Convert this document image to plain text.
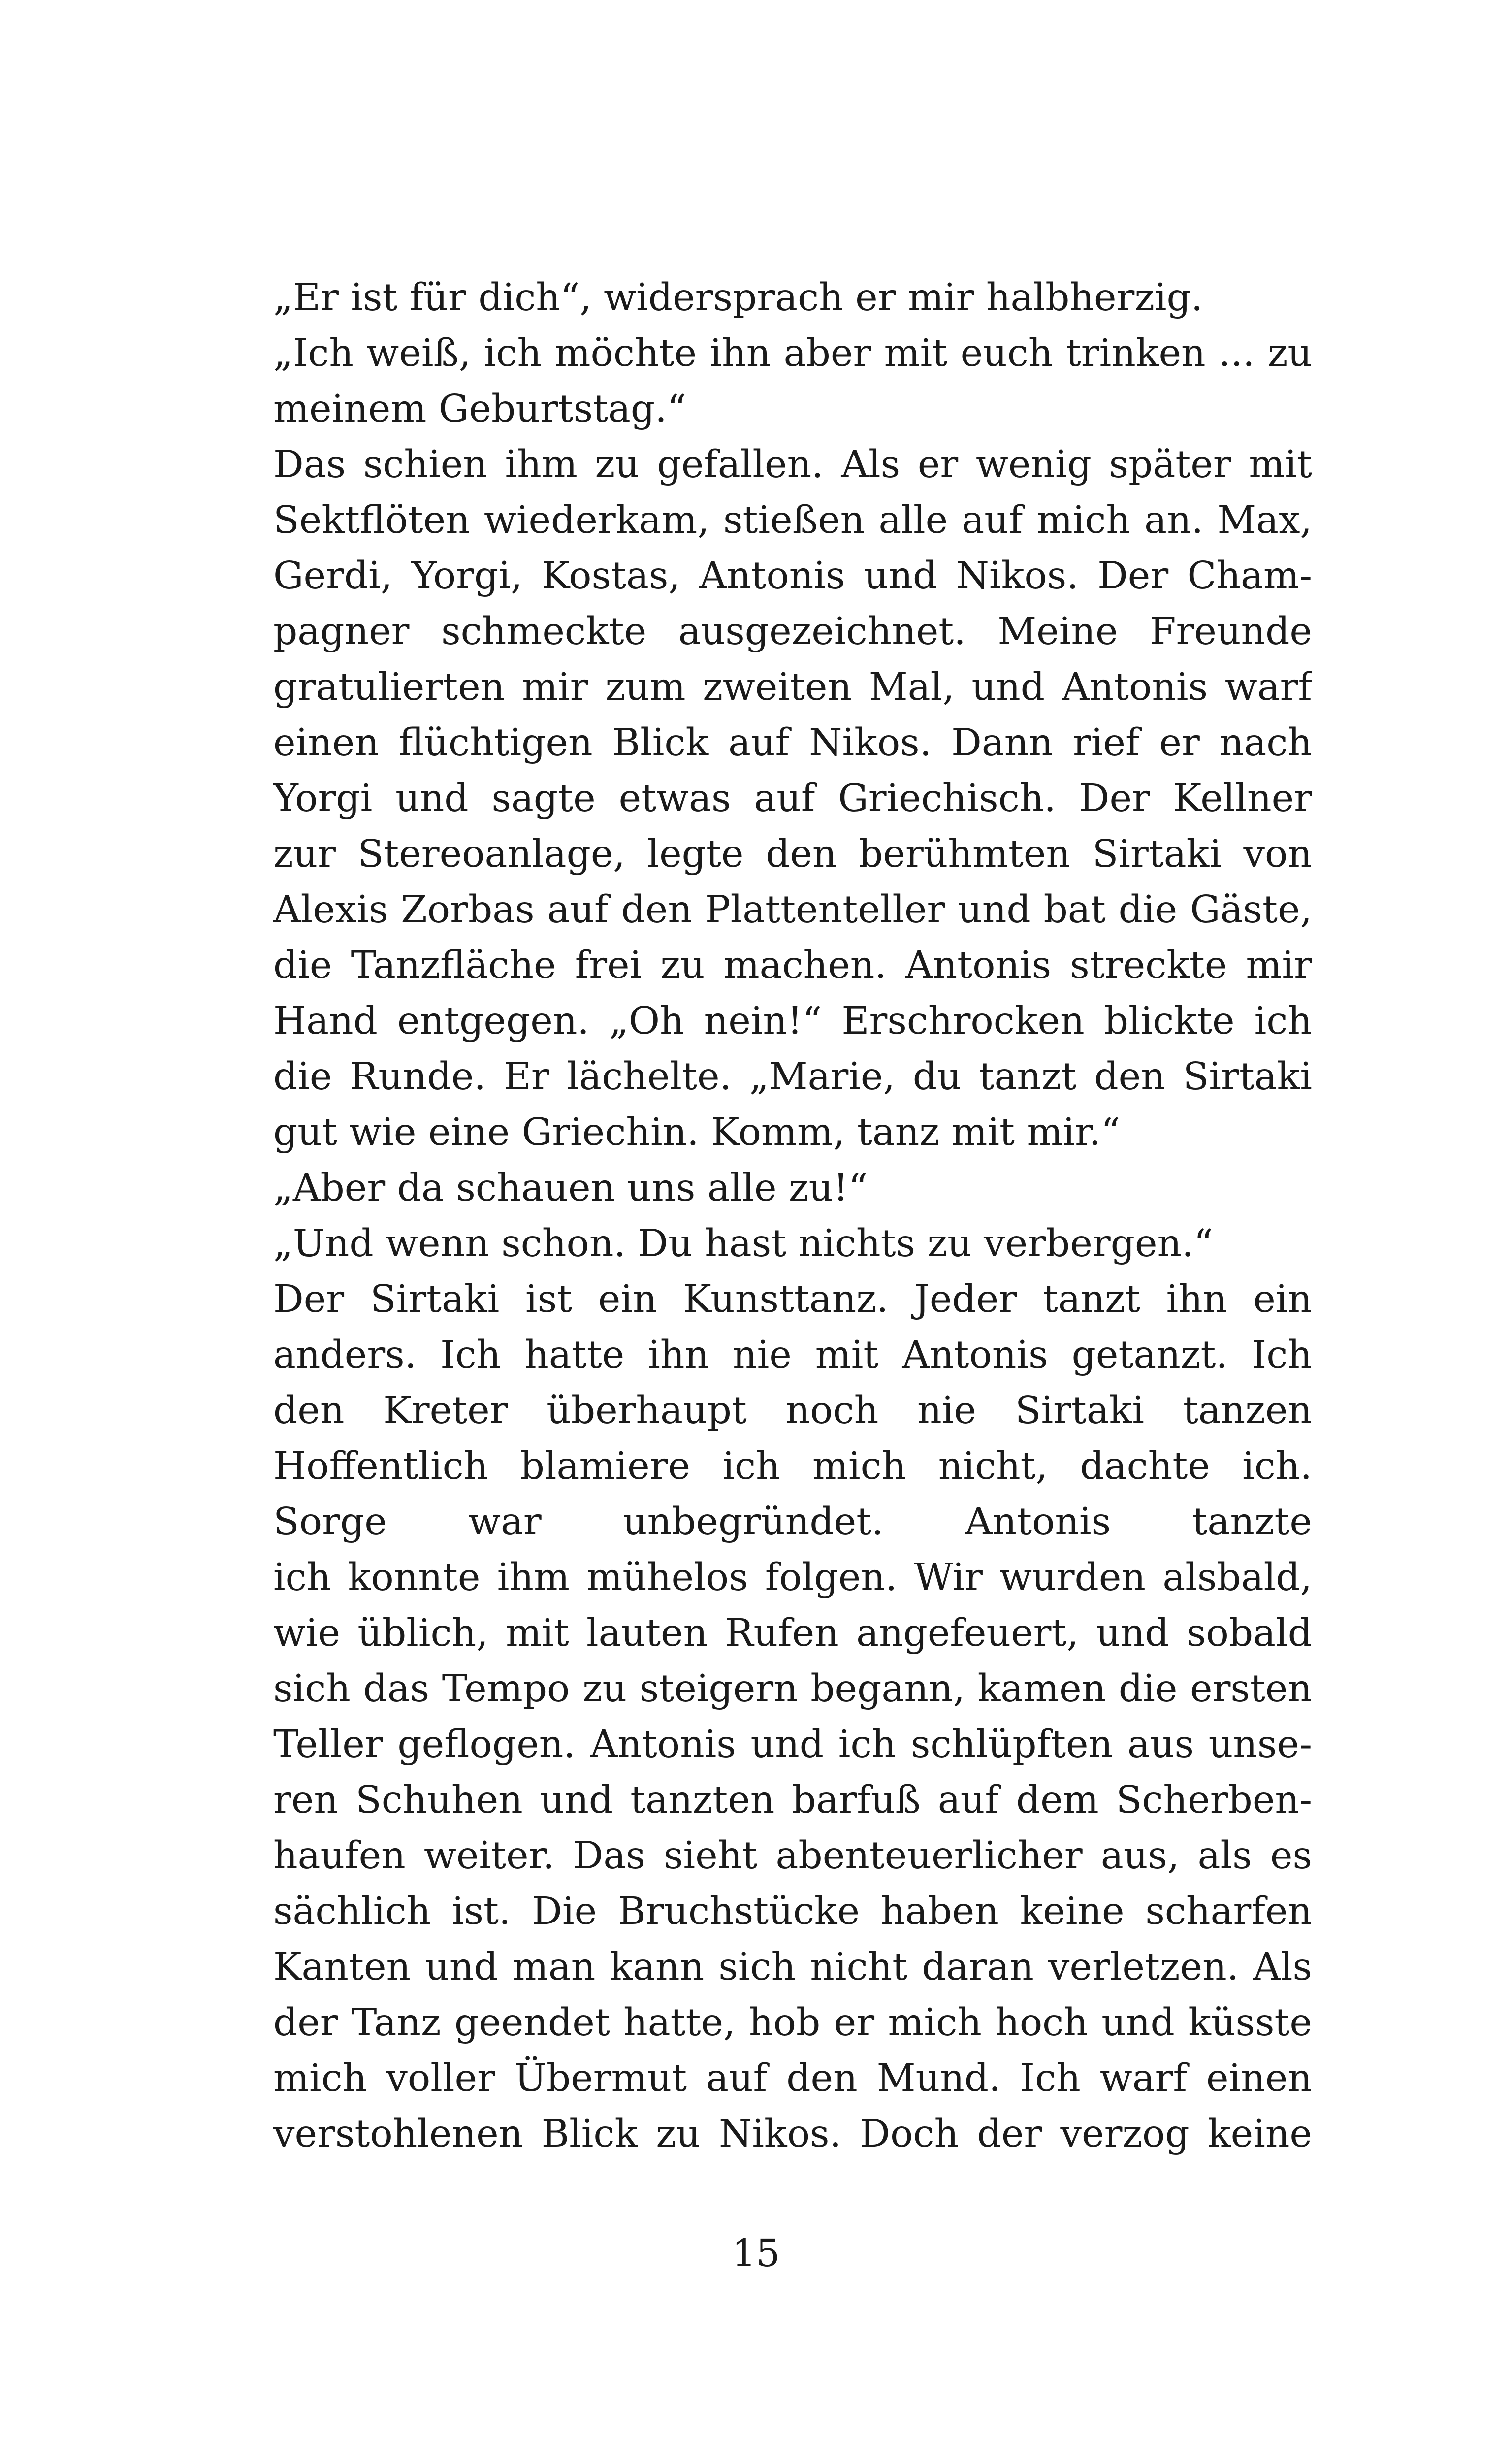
„Er ist für dich“, widersprach er mir halbherzig.
„Ich weiß, ich möchte ihn aber mit euch trinken ... zu
meinem Geburtstag.“
Das schien ihm zu gefallen. Als er wenig später mit
Sektflöten wiederkam, stießen alle auf mich an. Max,
Gerdi, Yorgi, Kostas, Antonis und Nikos. Der Cham-
pagner schmeckte ausgezeichnet. Meine Freunde
gratulierten mir zum zweiten Mal, und Antonis warf
einen flüchtigen Blick auf Nikos. Dann rief er nach
Yorgi und sagte etwas auf Griechisch. Der Kellner
zur Stereoanlage, legte den berühmten Sirtaki von
Alexis Zorbas auf den Plattenteller und bat die Gäste,
die Tanzfläche frei zu machen. Antonis streckte mir
Hand entgegen. „Oh nein!“ Erschrocken blickte ich
die Runde. Er lächelte. „Marie, du tanzt den Sirtaki
gut wie eine Griechin. Komm, tanz mit mir.“
„Aber da schauen uns alle zu!“
„Und wenn schon. Du hast nichts zu verbergen.“
Der Sirtaki ist ein Kunsttanz. Jeder tanzt ihn ein
anders. Ich hatte ihn nie mit Antonis getanzt. Ich
den Kreter überhaupt noch nie Sirtaki tanzen
Hoffentlich blamiere ich mich nicht, dachte ich.
Sorge war unbegründet. Antonis tanzte
ich konnte ihm mühelos folgen. Wir wurden alsbald,
wie üblich, mit lauten Rufen angefeuert, und sobald
sich das Tempo zu steigern begann, kamen die ersten
Teller geflogen. Antonis und ich schlüpften aus unse-
ren Schuhen und tanzten barfuß auf dem Scherben-
haufen weiter. Das sieht abenteuerlicher aus, als es
sächlich ist. Die Bruchstücke haben keine scharfen
Kanten und man kann sich nicht daran verletzen. Als
der Tanz geendet hatte, hob er mich hoch und küsste
mich voller Übermut auf den Mund. Ich warf einen
verstohlenen Blick zu Nikos. Doch der verzog keine
15
